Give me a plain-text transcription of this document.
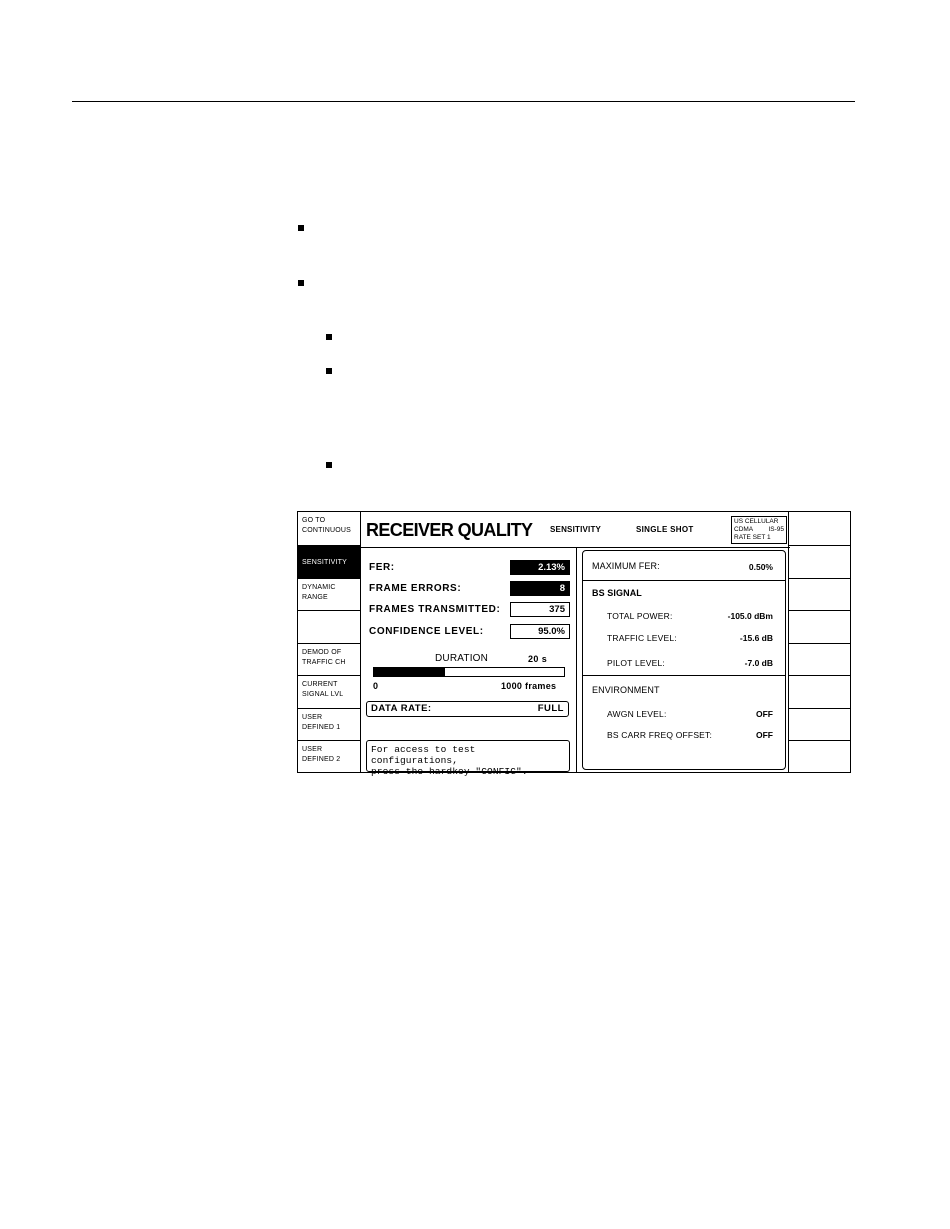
GO TO
CONTINUOUS
SENSITIVITY
DYNAMIC
RANGE
DEMOD OF
TRAFFIC CH
CURRENT
SIGNAL LVL
USER
DEFINED 1
USER
DEFINED 2
RECEIVER QUALITY SENSITIVITY	SINGLE SHOT
US CELLULAR
CDMA IS-95
RATE SET 1
FER:	2.13%
FRAME ERRORS:	8
FRAMES TRANSMITTED:	375
CONFIDENCE LEVEL:	95.0%
DURATION	20 s
0	1000 frames
DATA RATE:	FULL
For access to test configurations,
press the hardkey "CONFIG".
MAXIMUM FER:	0.50%
BS SIGNAL
TOTAL POWER:	-105.0 dBm
TRAFFIC LEVEL:	-15.6 dB
PILOT LEVEL:	-7.0 dB
ENVIRONMENT
AWGN LEVEL:	OFF
BS CARR FREQ OFFSET:	OFF
